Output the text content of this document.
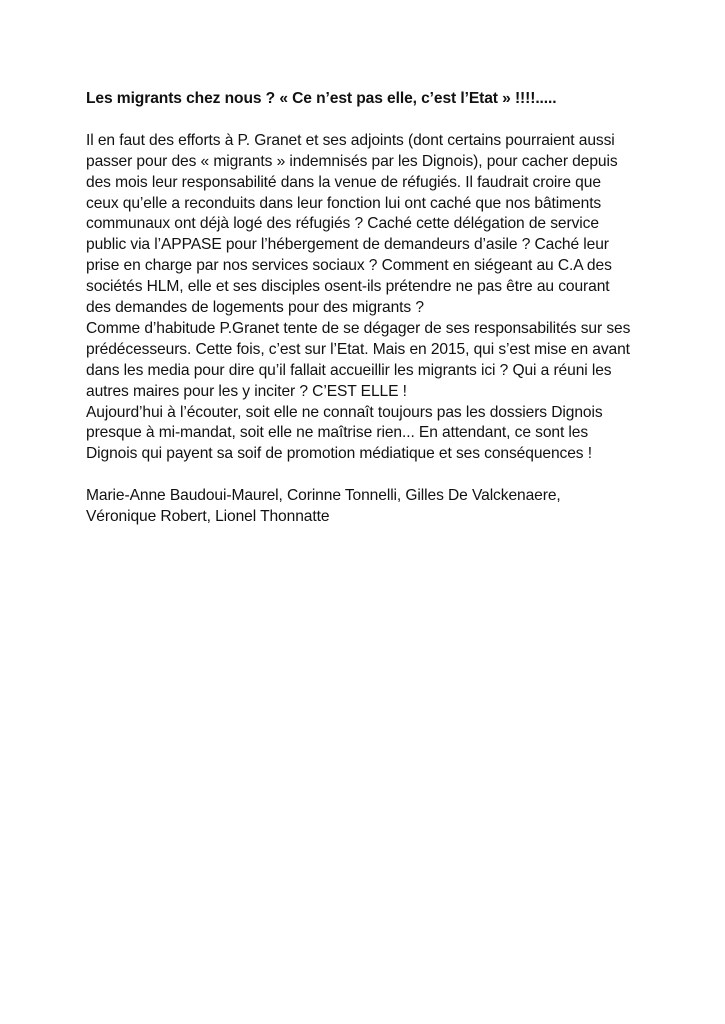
Les migrants chez nous ? « Ce n’est pas elle, c’est l’Etat » !!!!.....

Il en faut des efforts à P. Granet et ses adjoints (dont certains pourraient aussi
passer pour des « migrants » indemnisés par les Dignois), pour cacher depuis
des mois leur responsabilité dans la venue de réfugiés. Il faudrait croire que
ceux qu’elle a reconduits dans leur fonction lui ont caché que nos bâtiments
communaux ont déjà logé des réfugiés ? Caché cette délégation de service
public via l’APPASE pour l’hébergement de demandeurs d’asile ? Caché leur
prise en charge par nos services sociaux ? Comment en siégeant au C.A des
sociétés HLM, elle et ses disciples osent-ils prétendre ne pas être au courant
des demandes de logements pour des migrants ?
Comme d’habitude P.Granet tente de se dégager de ses responsabilités sur ses
prédécesseurs. Cette fois, c’est sur l’Etat. Mais en 2015, qui s’est mise en avant
dans les media pour dire qu’il fallait accueillir les migrants ici ? Qui a réuni les
autres maires pour les y inciter ? C’EST ELLE !
Aujourd’hui à l’écouter, soit elle ne connaît toujours pas les dossiers Dignois
presque à mi-mandat, soit elle ne maîtrise rien... En attendant, ce sont les
Dignois qui payent sa soif de promotion médiatique et ses conséquences !
Marie-Anne Baudoui-Maurel, Corinne Tonnelli, Gilles De Valckenaere,
Véronique Robert, Lionel Thonnatte
